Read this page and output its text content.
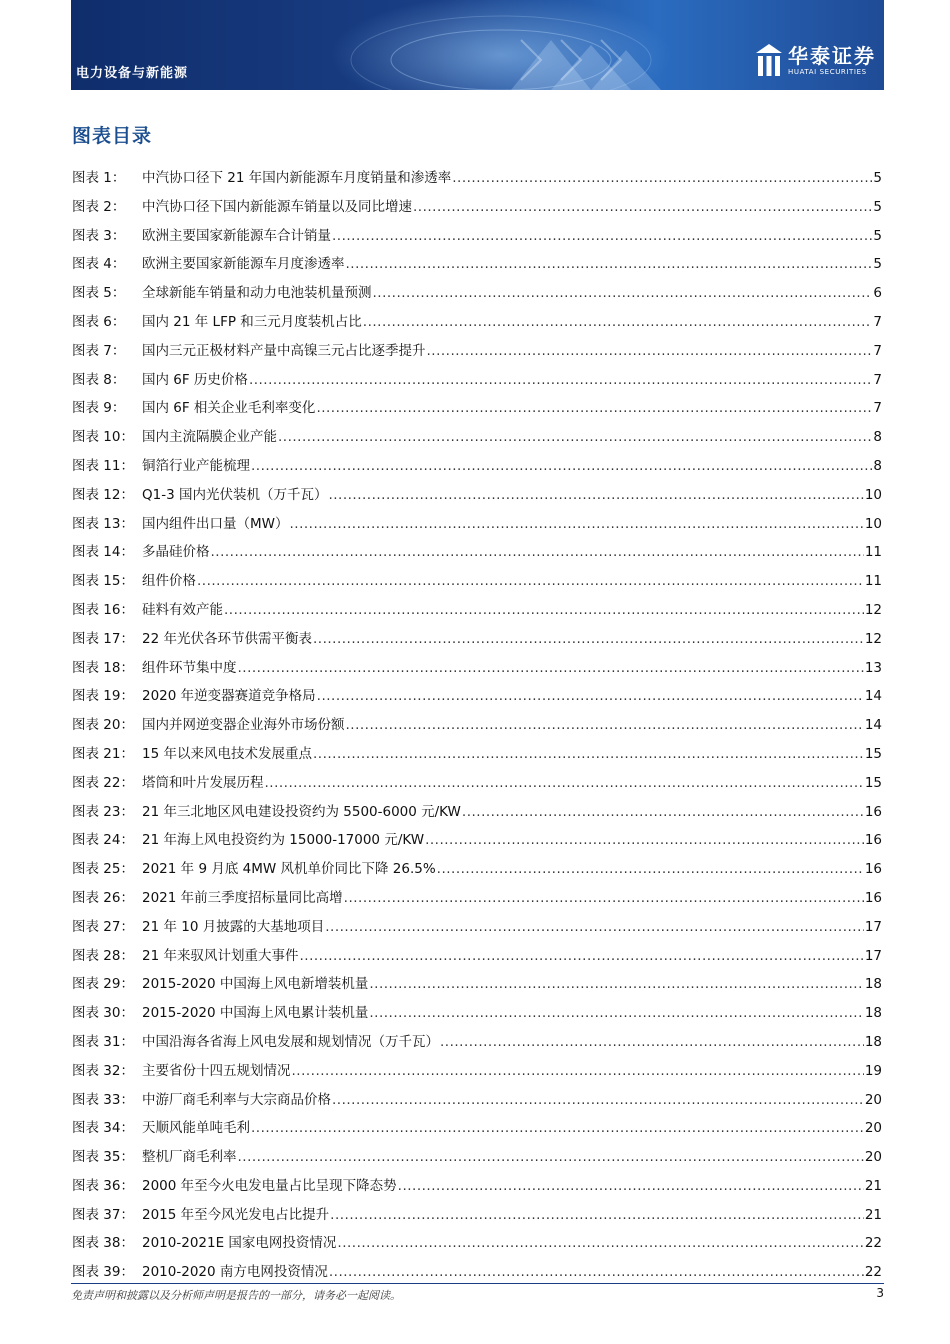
电力设备与新能源
华泰证券
HUATAI SECURITIES
图表目录
图表 1：	中汽协口径下 21 年国内新能源车月度销量和渗透率 .....	5
图表 2：	中汽协口径下国内新能源车销量以及同比增速 .....	5
图表 3：	欧洲主要国家新能源车合计销量 .....	5
图表 4：	欧洲主要国家新能源车月度渗透率 .....	5
图表 5：	全球新能车销量和动力电池装机量预测 .....	6
图表 6：	国内 21 年 LFP 和三元月度装机占比 .....	7
图表 7：	国内三元正极材料产量中高镍三元占比逐季提升 .....	7
图表 8：	国内 6F 历史价格 .....	7
图表 9：	国内 6F 相关企业毛利率变化 .....	7
图表 10： 国内主流隔膜企业产能 .....	8
图表 11： 铜箔行业产能梳理 .....	8
图表 12： Q1-3 国内光伏装机（万千瓦） .....	10
图表 13： 国内组件出口量（MW） .....	10
图表 14： 多晶硅价格 .....	11
图表 15： 组件价格 .....	11
图表 16： 硅料有效产能 .....	12
图表 17： 22 年光伏各环节供需平衡表 .....	12
图表 18： 组件环节集中度 .....	13
图表 19： 2020 年逆变器赛道竞争格局 .....	14
图表 20： 国内并网逆变器企业海外市场份额 .....	14
图表 21： 15 年以来风电技术发展重点 .....	15
图表 22： 塔筒和叶片发展历程 .....	15
图表 23： 21 年三北地区风电建设投资约为 5500-6000 元/KW .....	16
图表 24： 21 年海上风电投资约为 15000-17000 元/KW .....	16
图表 25： 2021 年 9 月底 4MW 风机单价同比下降 26.5% .....	16
图表 26： 2021 年前三季度招标量同比高增 .....	16
图表 27： 21 年 10 月披露的大基地项目 .....	17
图表 28： 21 年来驭风计划重大事件 .....	17
图表 29： 2015-2020 中国海上风电新增装机量 .....	18
图表 30： 2015-2020 中国海上风电累计装机量 .....	18
图表 31： 中国沿海各省海上风电发展和规划情况（万千瓦） .....	18
图表 32： 主要省份十四五规划情况 .....	19
图表 33： 中游厂商毛利率与大宗商品价格 .....	20
图表 34： 天顺风能单吨毛利 .....	20
图表 35： 整机厂商毛利率 .....	20
图表 36： 2000 年至今火电发电量占比呈现下降态势 .....	21
图表 37： 2015 年至今风光发电占比提升 .....	21
图表 38： 2010-2021E 国家电网投资情况 .....	22
图表 39： 2010-2020 南方电网投资情况 .....	22
免责声明和披露以及分析师声明是报告的一部分，请务必一起阅读。	3
